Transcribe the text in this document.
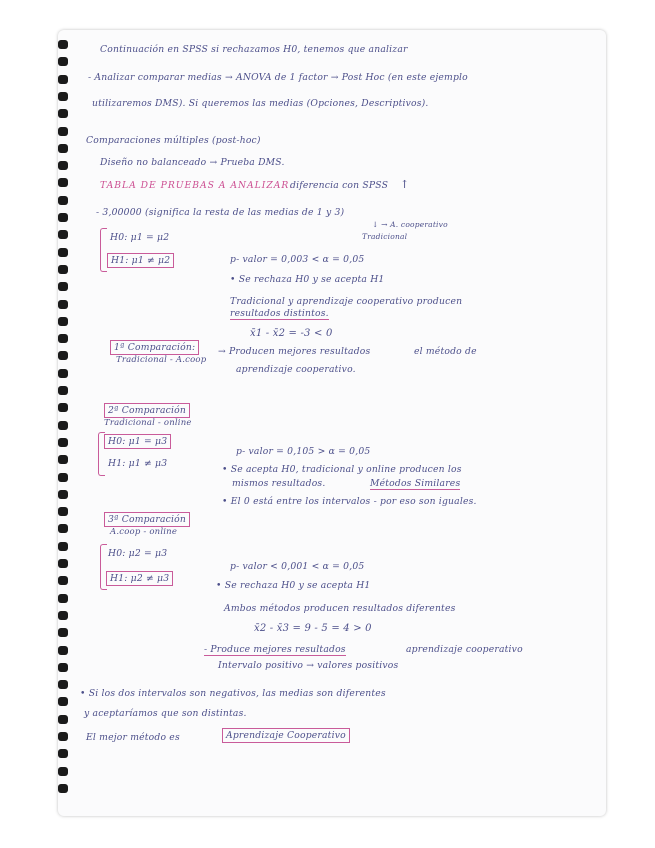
Continuación en SPSS si rechazamos H0, tenemos que analizar
- Analizar comparar medias → ANOVA de 1 factor → Post Hoc (en este ejemplo
utilizaremos DMS). Si queremos las medias (Opciones, Descriptivos).
Comparaciones múltiples (post-hoc)
Diseño no balanceado → Prueba DMS.
TABLA DE PRUEBAS A ANALIZAR.
diferencia con SPSS ↑
- 3,00000 (significa la resta de las medias de 1 y 3)
↓ → A. cooperativo
Tradicional
H0: μ1 = μ2
H1: μ1 ≠ μ2	p- valor = 0,003 < α = 0,05
• Se rechaza H0 y se acepta H1
Tradicional y aprendizaje cooperativo producen
resultados distintos.
x̄1 - x̄2 = -3 < 0
1ª Comparación:
Tradicional - A.coop
→ Producen mejores resultados	el método de
aprendizaje cooperativo.
2ª Comparación
Tradicional - online
H0: μ1 = μ3
H1: μ1 ≠ μ3
p- valor = 0,105 > α = 0,05
• Se acepta H0, tradicional y online producen los
mismos resultados.	Métodos Similares
• El 0 está entre los intervalos - por eso son iguales.
3ª Comparación
A.coop - online
H0: μ2 = μ3
H1: μ2 ≠ μ3
p- valor < 0,001 < α = 0,05
• Se rechaza H0 y se acepta H1
Ambos métodos producen resultados diferentes
x̄2 - x̄3 = 9 - 5 = 4 > 0
- Produce mejores resultados	aprendizaje cooperativo
Intervalo positivo → valores positivos
• Si los dos intervalos son negativos, las medias son diferentes
y aceptaríamos que son distintas.
El mejor método es	Aprendizaje Cooperativo
